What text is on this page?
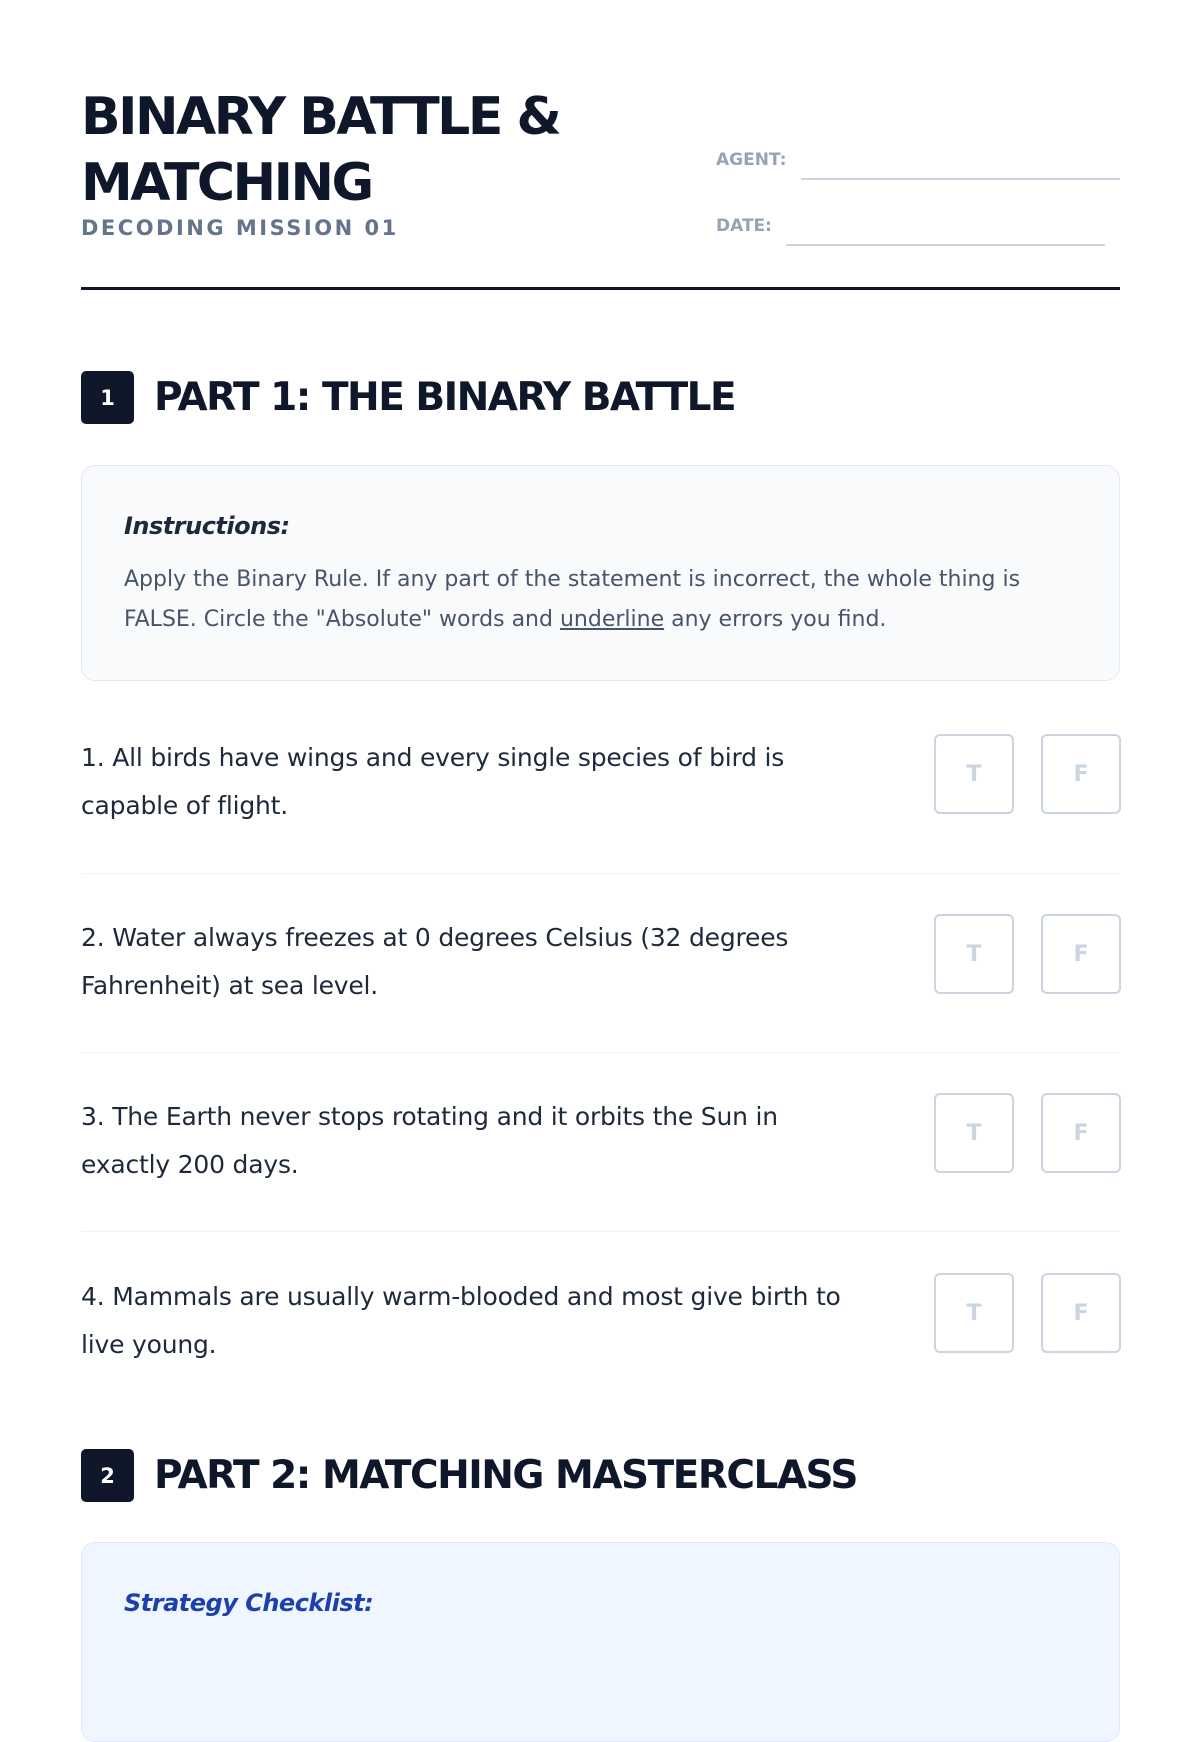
BINARY BATTLE & MATCHING
DECODING MISSION 01
AGENT:
DATE:
1	PART 1: THE BINARY BATTLE
Instructions:
Apply the Binary Rule. If any part of the statement is incorrect, the whole thing is FALSE. Circle the "Absolute" words and underline any errors you find.
1. All birds have wings and every single species of bird is capable of flight.
T	F
2. Water always freezes at 0 degrees Celsius (32 degrees Fahrenheit) at sea level.
T	F
3. The Earth never stops rotating and it orbits the Sun in exactly 200 days.
T	F
4. Mammals are usually warm-blooded and most give birth to live young.
T	F
2	PART 2: MATCHING MASTERCLASS
Strategy Checklist:
